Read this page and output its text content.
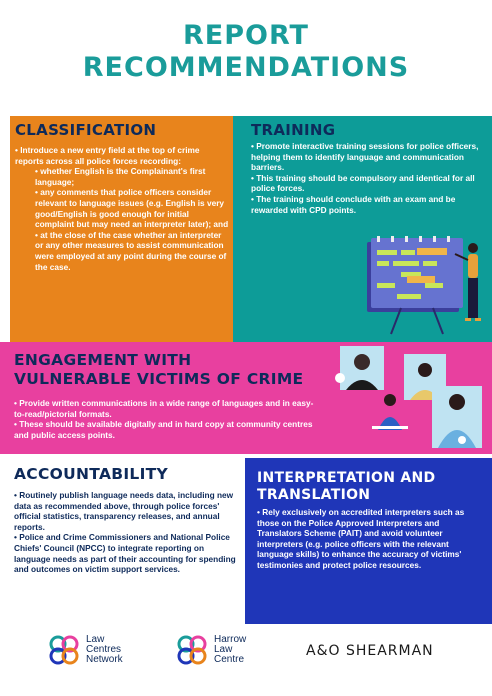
REPORT
RECOMMENDATIONS
CLASSIFICATION

• Introduce a new entry field at the top of crime reports across all police forces recording:

• whether English is the Complainant's first language;

• any comments that police officers consider relevant to language issues (e.g. English is very good/English is good enough for initial complaint but may need an interpreter later); and

• at the close of the case whether an interpreter or any other measures to assist communication were employed at any point during the course of the case.

TRAINING

• Promote interactive training sessions for police officers, helping them to identify language and communication barriers.

• This training should be compulsory and identical for all police forces.

• The training should conclude with an exam and be rewarded with CPD points.

ENGAGEMENT WITH
VULNERABLE VICTIMS OF CRIME

• Provide written communications in a wide range of languages and in easy-to-read/pictorial formats.

• These should be available digitally and in hard copy at community centres and public access points.

ACCOUNTABILITY

• Routinely publish language needs data, including new data as recommended above, through police forces' official statistics, transparency releases, and annual reports.

• Police and Crime Commissioners and National Police Chiefs' Council (NPCC) to integrate reporting on language needs as part of their accounting for spending and outcomes on victim support services.

INTERPRETATION AND
TRANSLATION

• Rely exclusively on accredited interpreters such as those on the Police Approved Interpreters and Translators Scheme (PAIT) and avoid volunteer interpreters (e.g. police officers with the relevant language skills) to enhance the accuracy of victims' testimonies and protect police resources.

Law
Centres
Network
Harrow
Law
Centre
A&O SHEARMAN
